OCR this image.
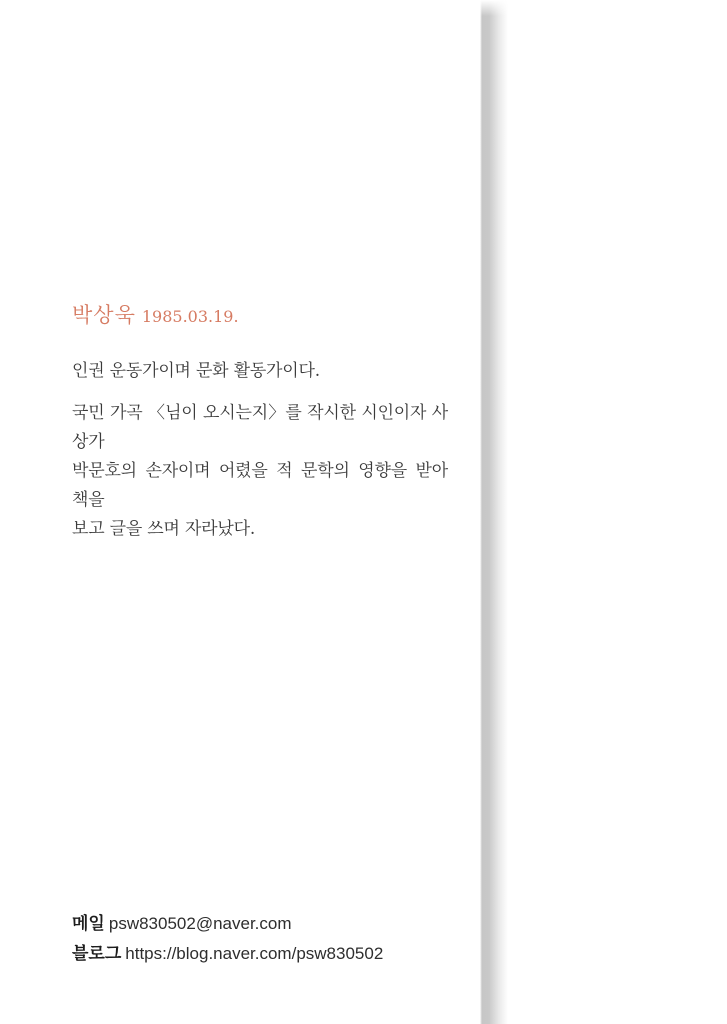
박상욱 1985.03.19.
인권 운동가이며 문화 활동가이다.
국민 가곡 〈님이 오시는지〉를 작시한 시인이자 사상가
박문호의 손자이며 어렸을 적 문학의 영향을 받아 책을
보고 글을 쓰며 자라났다.
메일 psw830502@naver.com
블로그 https://blog.naver.com/psw830502
